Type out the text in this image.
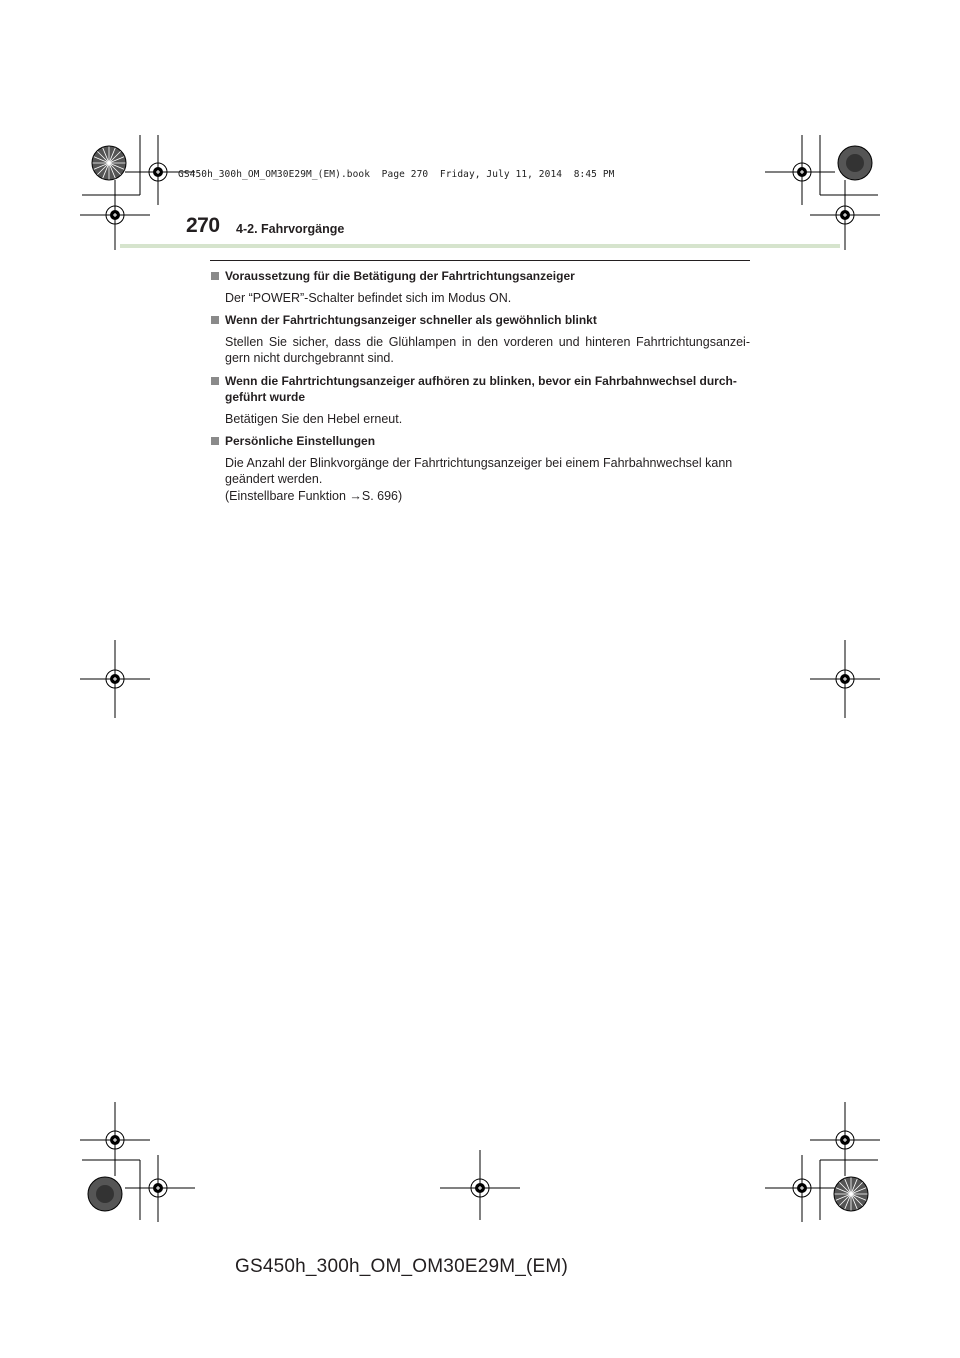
GS450h_300h_OM_OM30E29M_(EM).book  Page 270  Friday, July 11, 2014  8:45 PM
270 4-2. Fahrvorgänge
Voraussetzung für die Betätigung der Fahrtrichtungsanzeiger

Der “POWER”-Schalter befindet sich im Modus ON.

Wenn der Fahrtrichtungsanzeiger schneller als gewöhnlich blinkt

Stellen Sie sicher, dass die Glühlampen in den vorderen und hinteren Fahrtrichtungsanzei-gern nicht durchgebrannt sind.

Wenn die Fahrtrichtungsanzeiger aufhören zu blinken, bevor ein Fahrbahnwechsel durch-geführt wurde

Betätigen Sie den Hebel erneut.

Persönliche Einstellungen

Die Anzahl der Blinkvorgänge der Fahrtrichtungsanzeiger bei einem Fahrbahnwechsel kann geändert werden.

(Einstellbare Funktion →S. 696)

GS450h_300h_OM_OM30E29M_(EM)
